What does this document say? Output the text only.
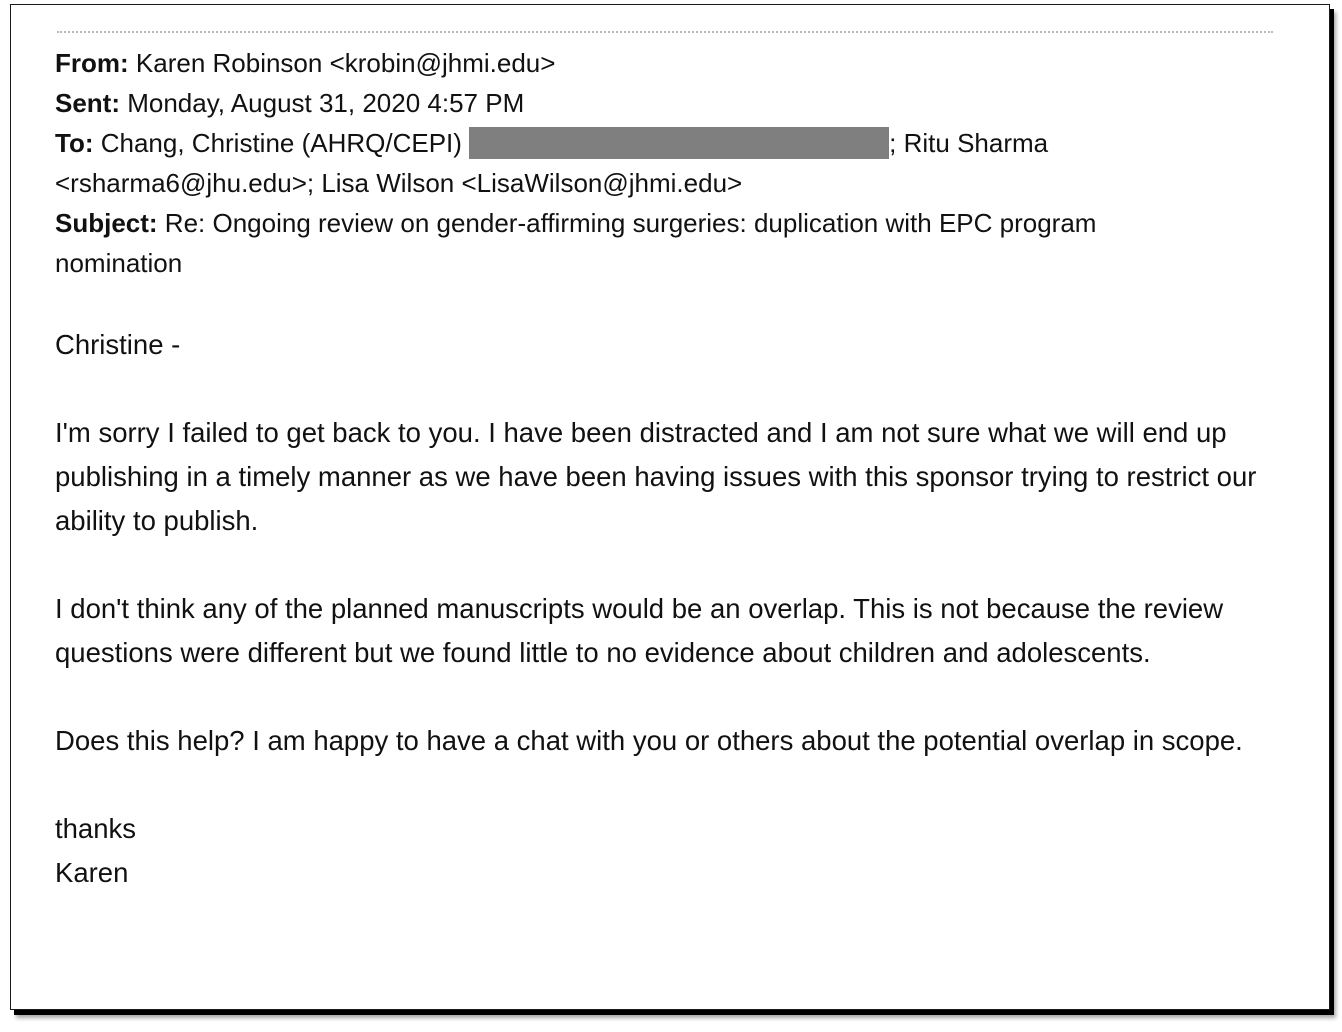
From: Karen Robinson <krobin@jhmi.edu>
Sent: Monday, August 31, 2020 4:57 PM
To: Chang, Christine (AHRQ/CEPI)	; Ritu Sharma
<rsharma6@jhu.edu>; Lisa Wilson <LisaWilson@jhmi.edu>
Subject: Re: Ongoing review on gender-affirming surgeries: duplication with EPC program
nomination

Christine -

I'm sorry I failed to get back to you. I have been distracted and I am not sure what we will end up publishing in a timely manner as we have been having issues with this sponsor trying to restrict our ability to publish.

I don't think any of the planned manuscripts would be an overlap. This is not because the review questions were different but we found little to no evidence about children and adolescents.

Does this help? I am happy to have a chat with you or others about the potential overlap in scope.

thanks
Karen
